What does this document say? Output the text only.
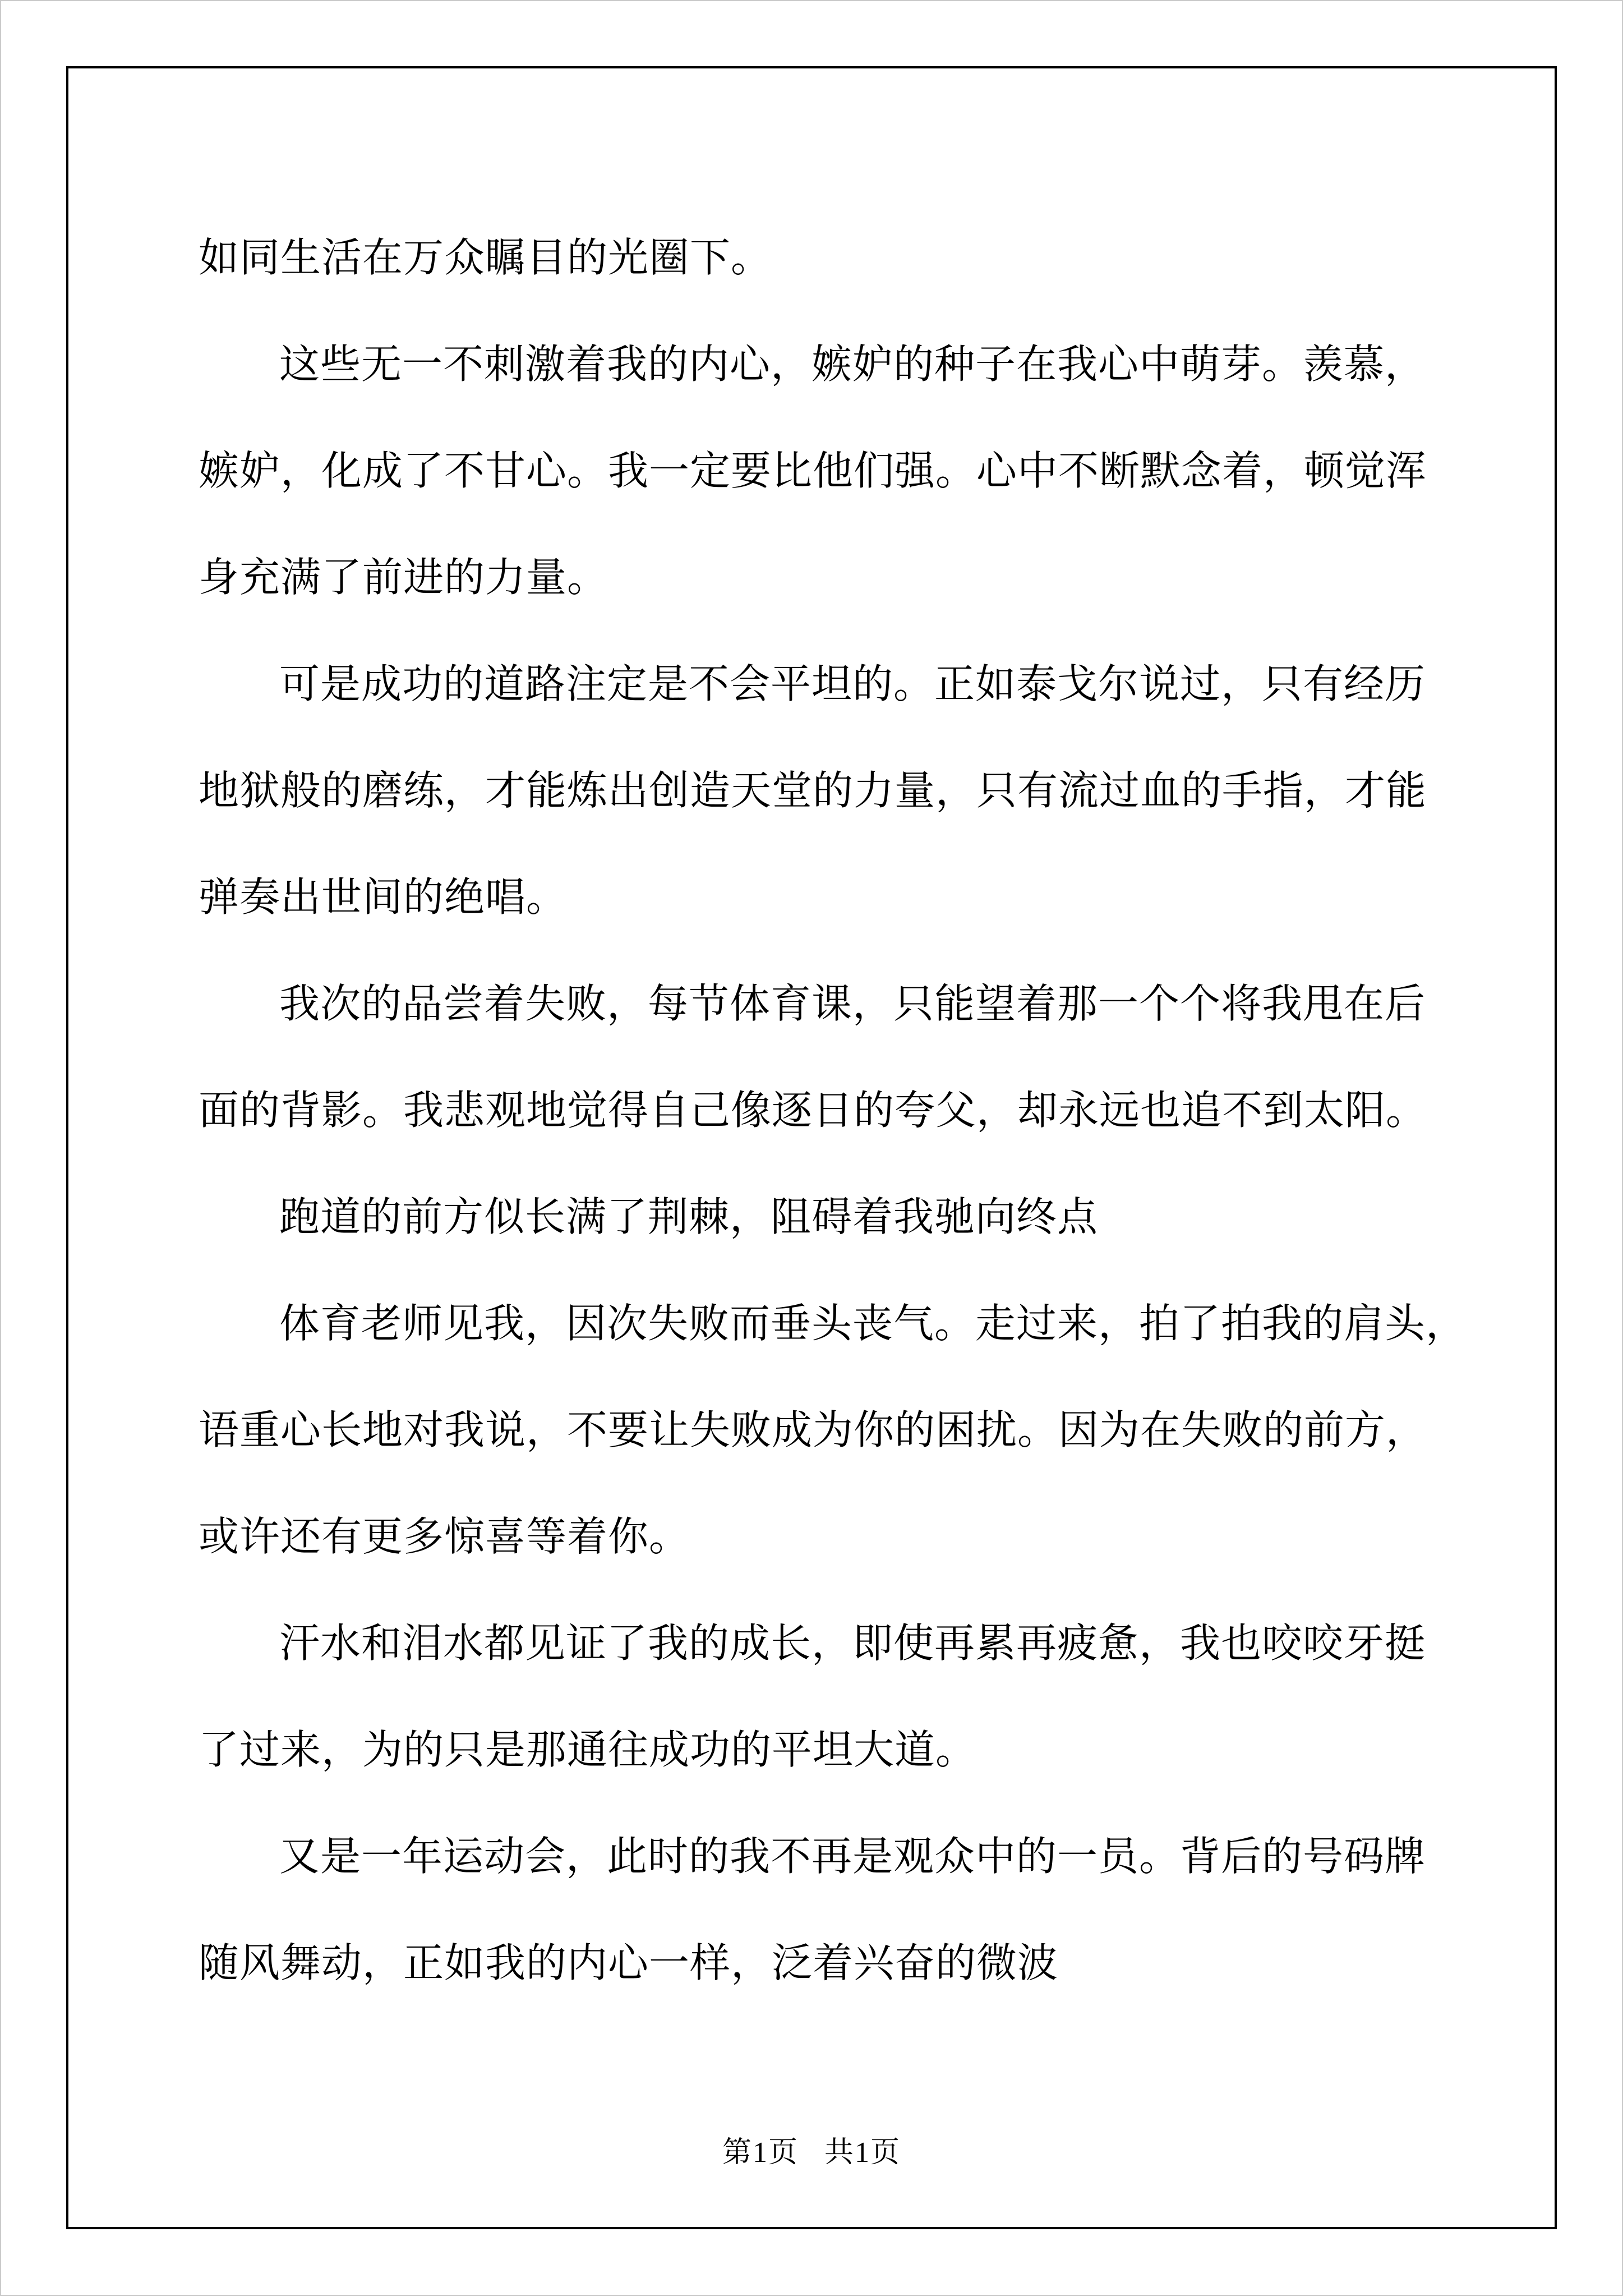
如同生活在万众瞩目的光圈下。
这些无一不刺激着我的内心，嫉妒的种子在我心中萌芽。羡慕，
嫉妒，化成了不甘心。我一定要比他们强。心中不断默念着，顿觉浑
身充满了前进的力量。
可是成功的道路注定是不会平坦的。正如泰戈尔说过，只有经历
地狱般的磨练，才能炼出创造天堂的力量，只有流过血的手指，才能
弹奏出世间的绝唱。
我次的品尝着失败，每节体育课，只能望着那一个个将我甩在后
面的背影。我悲观地觉得自己像逐日的夸父，却永远也追不到太阳。
跑道的前方似长满了荆棘，阻碍着我驰向终点
体育老师见我，因次失败而垂头丧气。走过来，拍了拍我的肩头，
语重心长地对我说，不要让失败成为你的困扰。因为在失败的前方，
或许还有更多惊喜等着你。
汗水和泪水都见证了我的成长，即使再累再疲惫，我也咬咬牙挺
了过来，为的只是那通往成功的平坦大道。
又是一年运动会，此时的我不再是观众中的一员。背后的号码牌
随风舞动，正如我的内心一样，泛着兴奋的微波
第1页 共1页
